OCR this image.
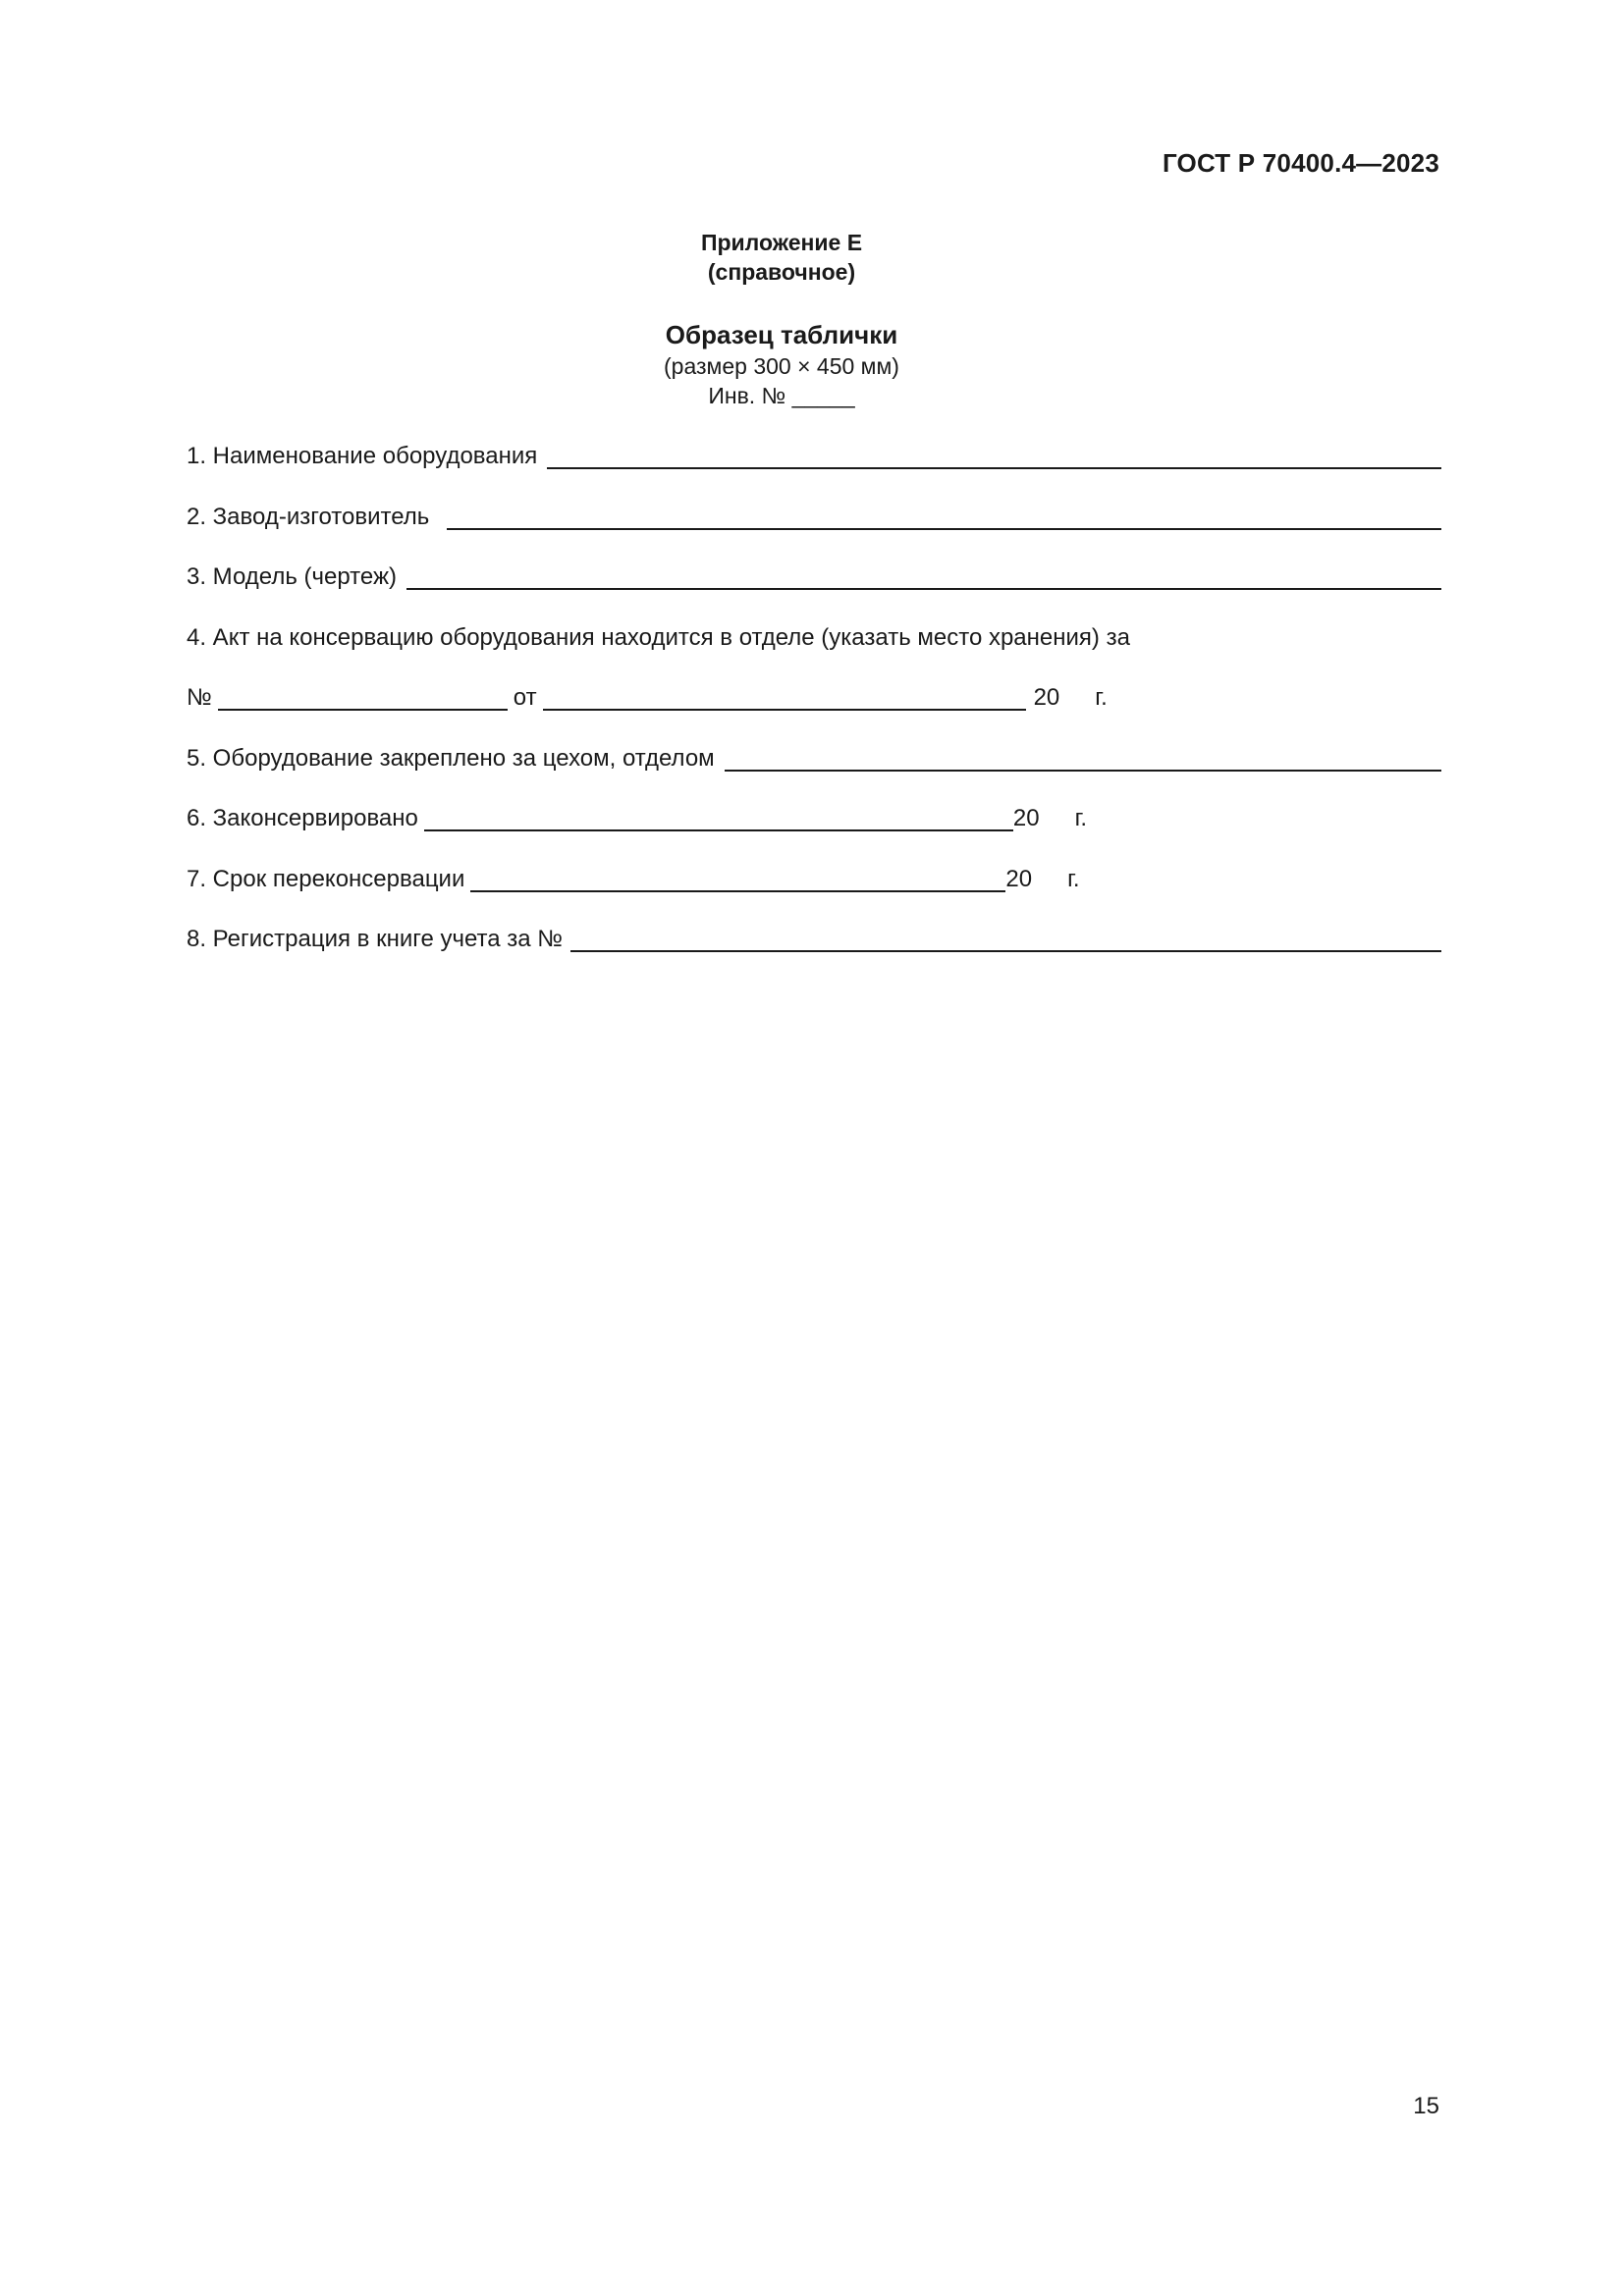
ГОСТ Р 70400.4—2023
Приложение Е
(справочное)
Образец таблички
(размер 300 × 450 мм)
Инв. № _____
1. Наименование оборудования
2. Завод-изготовитель
3. Модель (чертеж)
4. Акт на консервацию оборудования находится в отделе (указать место хранения) за
№	от	20	г.
5. Оборудование закреплено за цехом, отделом
6. Законсервировано	20	г.
7. Срок переконсервации	20	г.
8. Регистрация в книге учета за №
15
